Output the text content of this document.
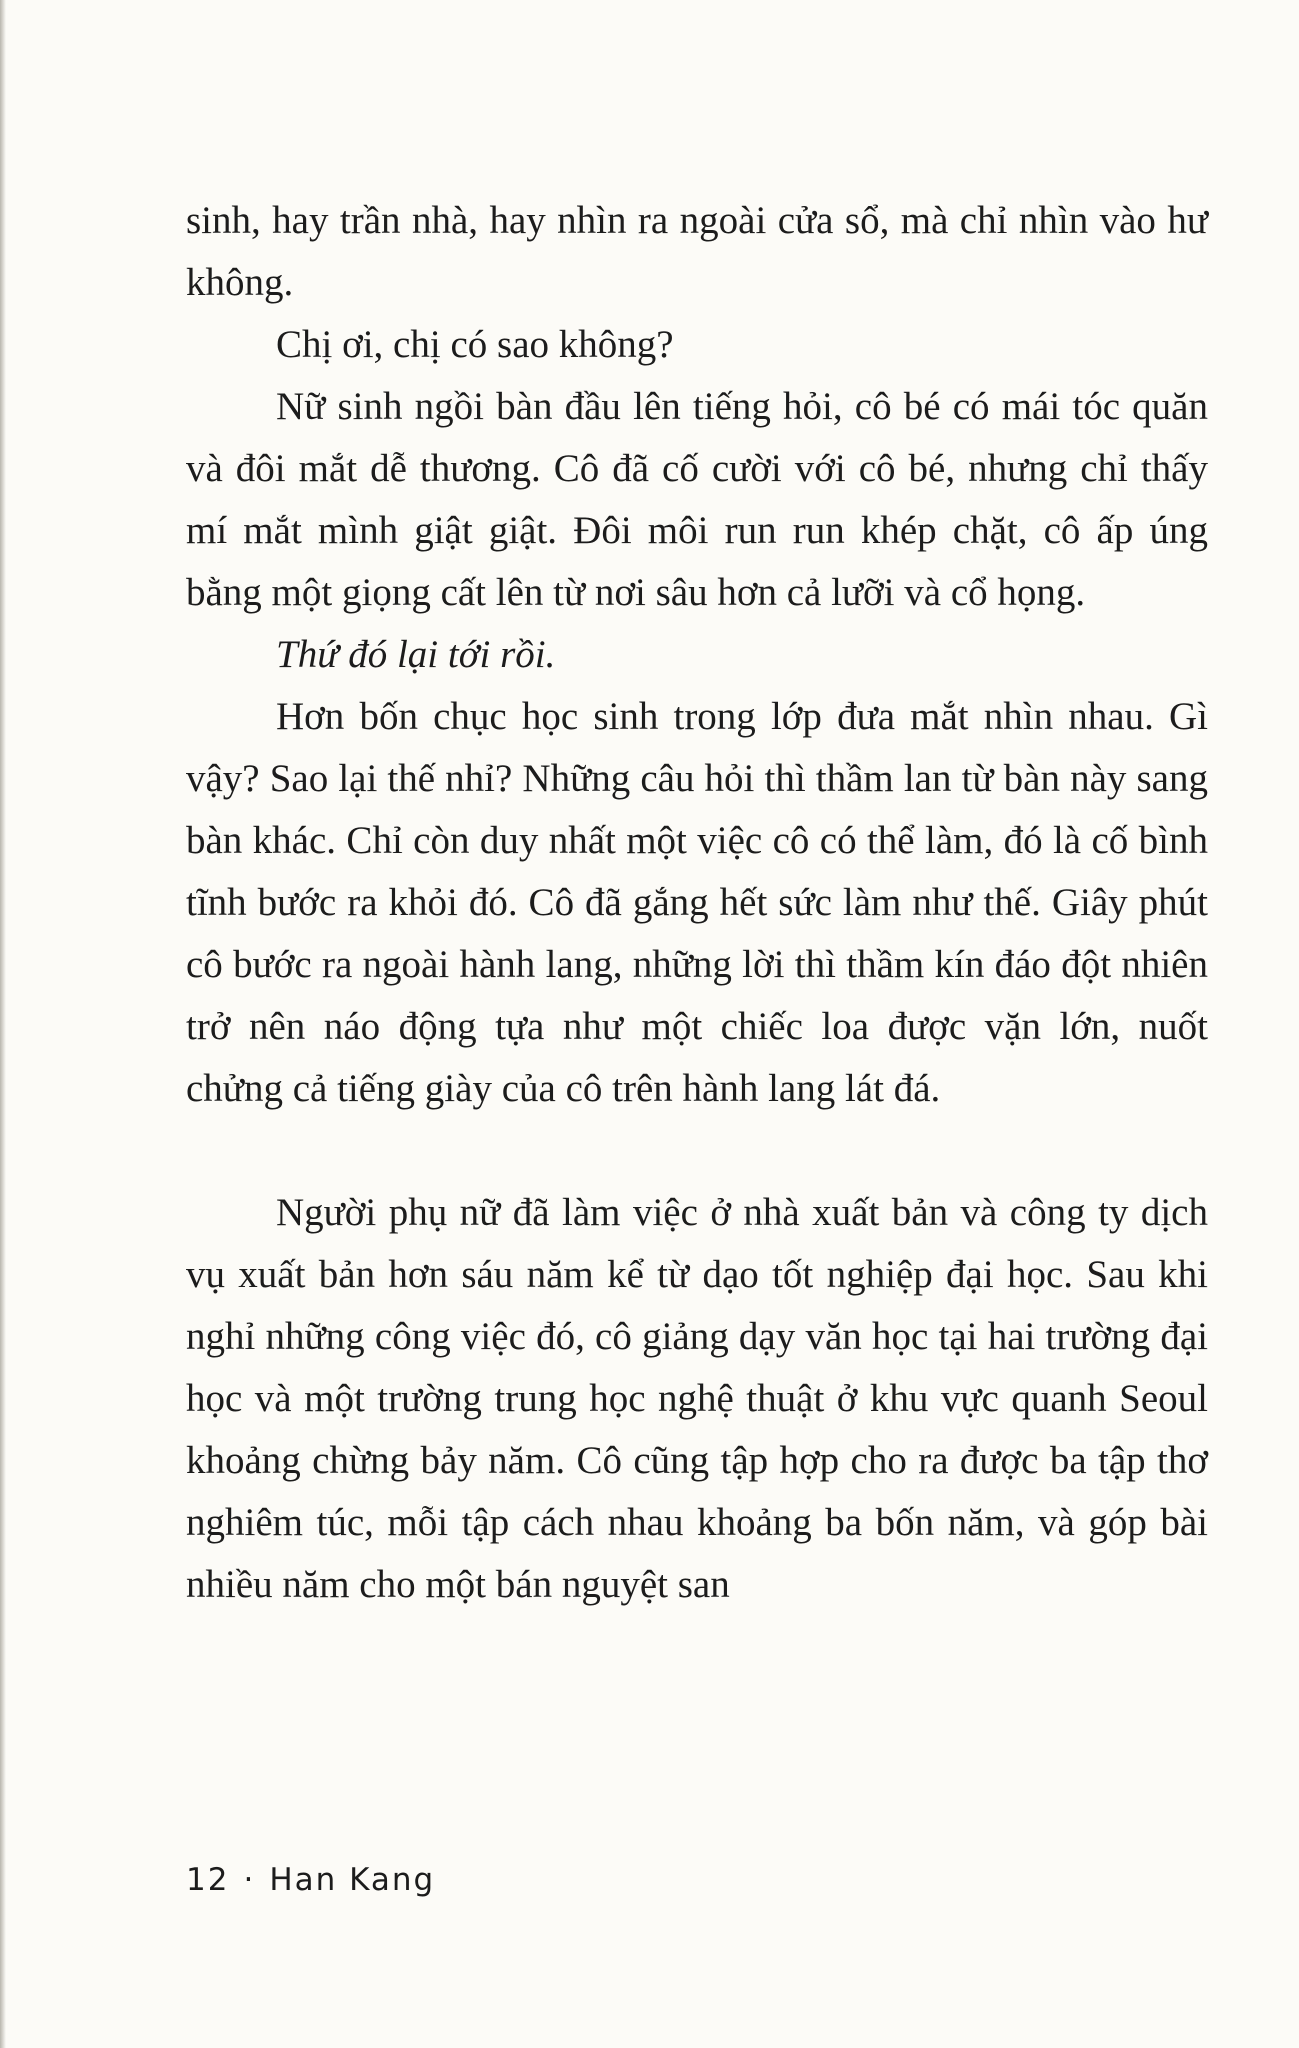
sinh, hay trần nhà, hay nhìn ra ngoài cửa sổ, mà chỉ nhìn vào hư không.

Chị ơi, chị có sao không?

Nữ sinh ngồi bàn đầu lên tiếng hỏi, cô bé có mái tóc quăn và đôi mắt dễ thương. Cô đã cố cười với cô bé, nhưng chỉ thấy mí mắt mình giật giật. Đôi môi run run khép chặt, cô ấp úng bằng một giọng cất lên từ nơi sâu hơn cả lưỡi và cổ họng.

Thứ đó lại tới rồi.

Hơn bốn chục học sinh trong lớp đưa mắt nhìn nhau. Gì vậy? Sao lại thế nhỉ? Những câu hỏi thì thầm lan từ bàn này sang bàn khác. Chỉ còn duy nhất một việc cô có thể làm, đó là cố bình tĩnh bước ra khỏi đó. Cô đã gắng hết sức làm như thế. Giây phút cô bước ra ngoài hành lang, những lời thì thầm kín đáo đột nhiên trở nên náo động tựa như một chiếc loa được vặn lớn, nuốt chửng cả tiếng giày của cô trên hành lang lát đá.

Người phụ nữ đã làm việc ở nhà xuất bản và công ty dịch vụ xuất bản hơn sáu năm kể từ dạo tốt nghiệp đại học. Sau khi nghỉ những công việc đó, cô giảng dạy văn học tại hai trường đại học và một trường trung học nghệ thuật ở khu vực quanh Seoul khoảng chừng bảy năm. Cô cũng tập hợp cho ra được ba tập thơ nghiêm túc, mỗi tập cách nhau khoảng ba bốn năm, và góp bài nhiều năm cho một bán nguyệt san

12 · Han Kang
